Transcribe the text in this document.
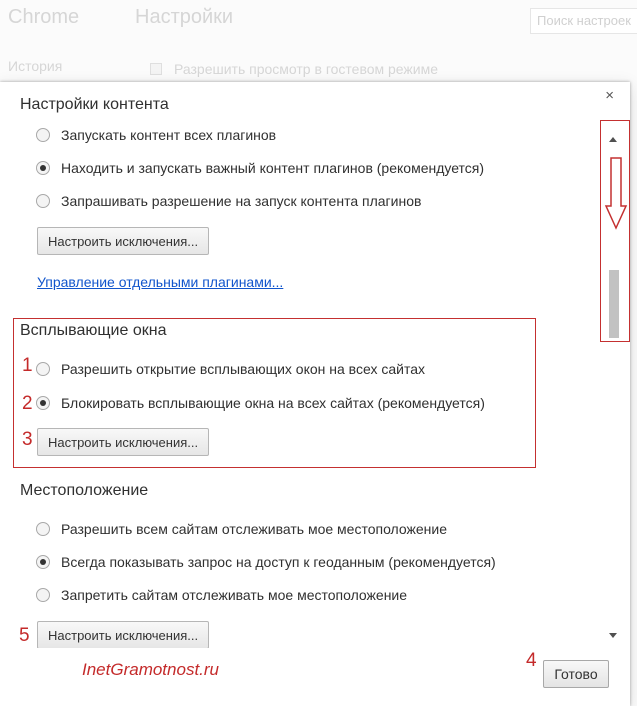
Chrome	Настройки	Поиск настроек
История	Разрешить просмотр в гостевом режиме
×
Настройки контента
Запускать контент всех плагинов
Находить и запускать важный контент плагинов (рекомендуется)
Запрашивать разрешение на запуск контента плагинов
Настроить исключения...
Управление отдельными плагинами...
Всплывающие окна
1 Разрешить открытие всплывающих окон на всех сайтах
2 Блокировать всплывающие окна на всех сайтах (рекомендуется)
3	Настроить исключения...
Местоположение
Разрешить всем сайтам отслеживать мое местоположение
Всегда показывать запрос на доступ к геоданным (рекомендуется)
Запретить сайтам отслеживать мое местоположение
5	Настроить исключения...
InetGramotnost.ru	4
Готово
